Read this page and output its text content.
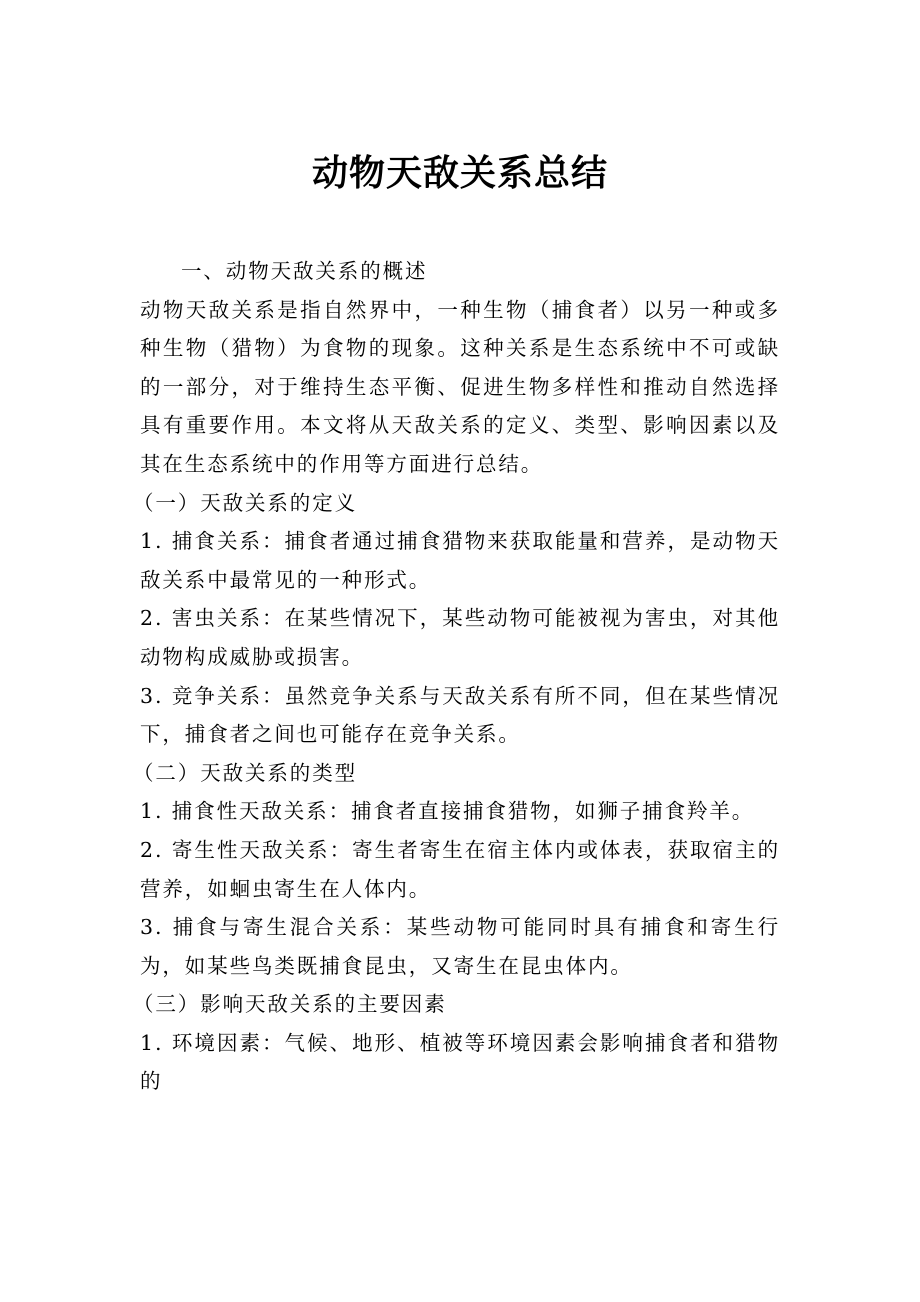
动物天敌关系总结

一、动物天敌关系的概述

动物天敌关系是指自然界中，一种生物（捕食者）以另一种或多种生物（猎物）为食物的现象。这种关系是生态系统中不可或缺的一部分，对于维持生态平衡、促进生物多样性和推动自然选择具有重要作用。本文将从天敌关系的定义、类型、影响因素以及其在生态系统中的作用等方面进行总结。

（一）天敌关系的定义

1. 捕食关系：捕食者通过捕食猎物来获取能量和营养，是动物天敌关系中最常见的一种形式。

2. 害虫关系：在某些情况下，某些动物可能被视为害虫，对其他动物构成威胁或损害。

3. 竞争关系：虽然竞争关系与天敌关系有所不同，但在某些情况下，捕食者之间也可能存在竞争关系。

（二）天敌关系的类型

1. 捕食性天敌关系：捕食者直接捕食猎物，如狮子捕食羚羊。

2. 寄生性天敌关系：寄生者寄生在宿主体内或体表，获取宿主的营养，如蛔虫寄生在人体内。

3. 捕食与寄生混合关系：某些动物可能同时具有捕食和寄生行为，如某些鸟类既捕食昆虫，又寄生在昆虫体内。

（三）影响天敌关系的主要因素

1. 环境因素：气候、地形、植被等环境因素会影响捕食者和猎物的
